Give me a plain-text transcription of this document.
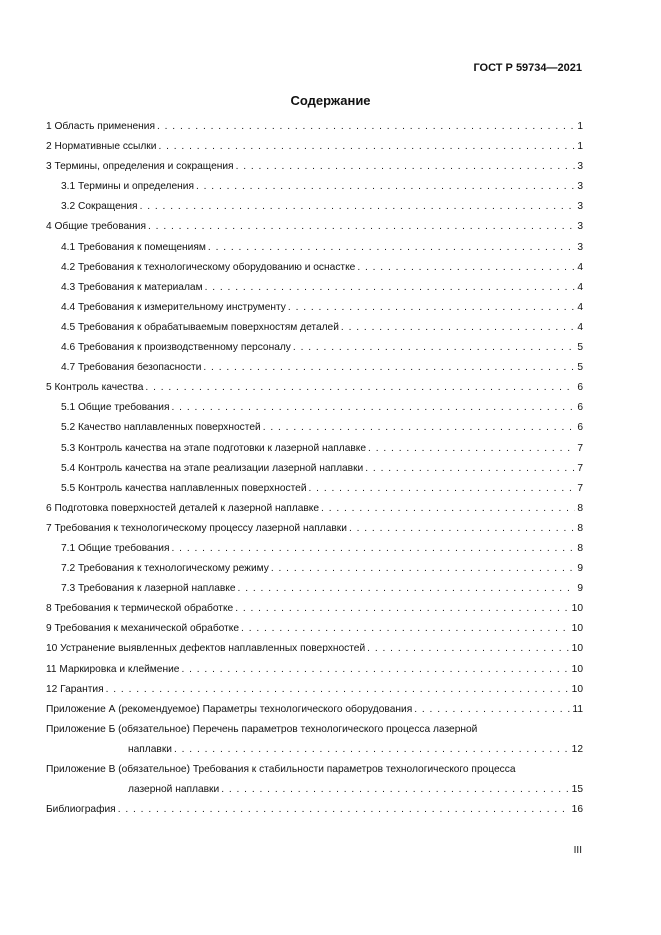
ГОСТ Р 59734—2021
Содержание
1 Область применения . . .	1
2 Нормативные ссылки . . .	1
3 Термины, определения и сокращения . . .	3
3.1 Термины и определения . . .	3
3.2 Сокращения . . .	3
4 Общие требования . . .	3
4.1 Требования к помещениям . . .	3
4.2 Требования к технологическому оборудованию и оснастке . . .	4
4.3 Требования к материалам . . .	4
4.4 Требования к измерительному инструменту . . .	4
4.5 Требования к обрабатываемым поверхностям деталей . . .	4
4.6 Требования к производственному персоналу . . .	5
4.7 Требования безопасности . . .	5
5 Контроль качества . . .	6
5.1 Общие требования . . .	6
5.2 Качество наплавленных поверхностей . . .	6
5.3 Контроль качества на этапе подготовки к лазерной наплавке . . .	7
5.4 Контроль качества на этапе реализации лазерной наплавки . . .	7
5.5 Контроль качества наплавленных поверхностей . . .	7
6 Подготовка поверхностей деталей к лазерной наплавке . . .	8
7 Требования к технологическому процессу лазерной наплавки . . .	8
7.1 Общие требования . . .	8
7.2 Требования к технологическому режиму . . .	9
7.3 Требования к лазерной наплавке . . .	9
8 Требования к термической обработке . . .	10
9 Требования к механической обработке . . .	10
10 Устранение выявленных дефектов наплавленных поверхностей . . .	10
11 Маркировка и клеймение . . .	10
12 Гарантия . . .	10
Приложение А (рекомендуемое) Параметры технологического оборудования . . .	11
Приложение Б (обязательное) Перечень параметров технологического процесса лазерной
наплавки . . .	12
Приложение В (обязательное) Требования к стабильности параметров технологического процесса
лазерной наплавки . . .	15
Библиография . . .	16
III
